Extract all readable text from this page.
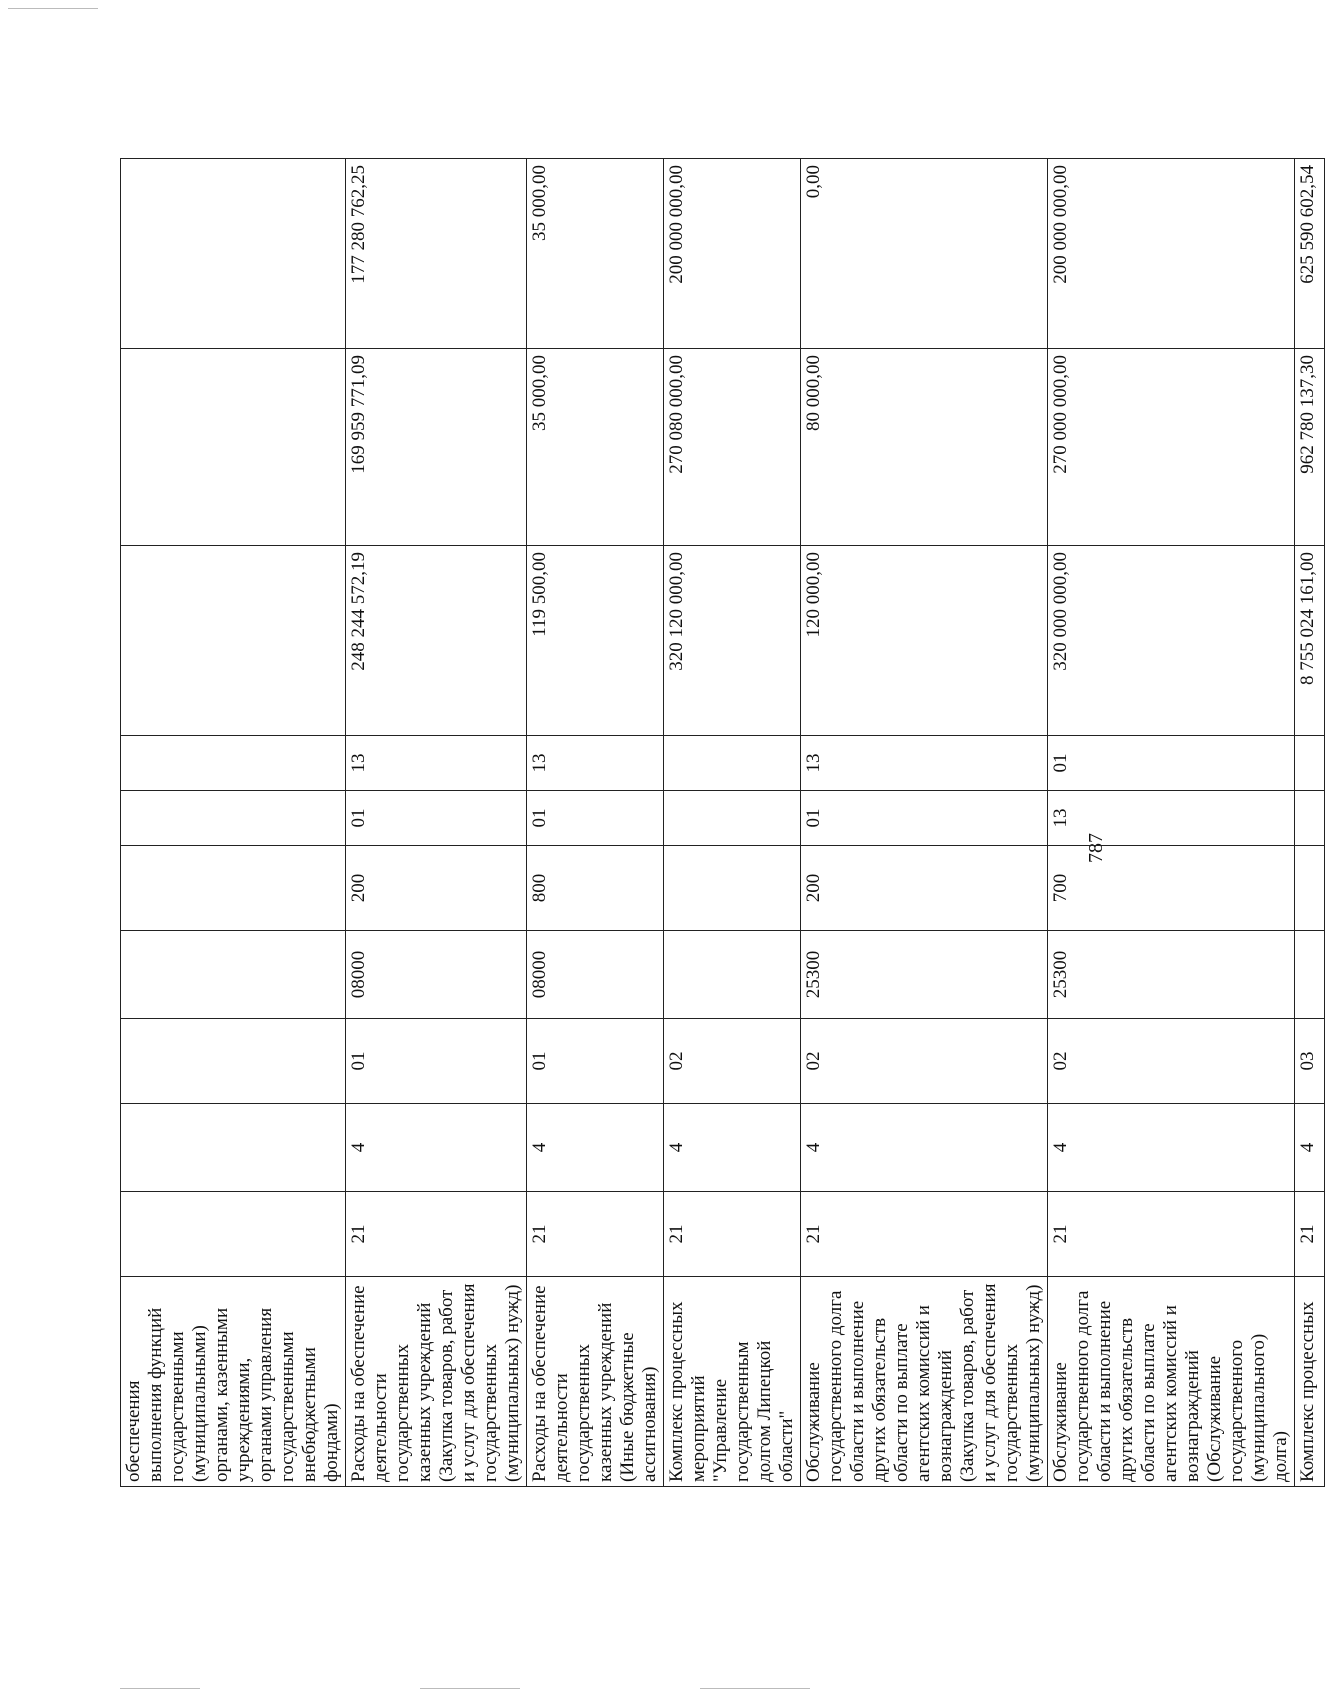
787
обеспечения выполнения функций государственными (муниципальными) органами, казенными учреждениями, органами управления государственными внебюджетными фондами)										
Расходы на обеспечение деятельности государственных казенных учреждений (Закупка товаров, работ и услуг для обеспечения государственных (муниципальных) нужд)	21	4	01	08000	200	01	13	248 244 572,19	169 959 771,09	177 280 762,25
Расходы на обеспечение деятельности государственных казенных учреждений (Иные бюджетные ассигнования)	21	4	01	08000	800	01	13	119 500,00	35 000,00	35 000,00
Комплекс процессных мероприятий "Управление государственным долгом Липецкой области"	21	4	02					320 120 000,00	270 080 000,00	200 000 000,00
Обслуживание государственного долга области и выполнение других обязательств области по выплате агентских комиссий и вознаграждений (Закупка товаров, работ и услуг для обеспечения государственных (муниципальных) нужд)	21	4	02	25300	200	01	13	120 000,00	80 000,00	0,00
Обслуживание государственного долга области и выполнение других обязательств области по выплате агентских комиссий и вознаграждений (Обслуживание государственного (муниципального) долга)	21	4	02	25300	700	13	01	320 000 000,00	270 000 000,00	200 000 000,00
Комплекс процессных	21	4	03					8 755 024 161,00	962 780 137,30	625 590 602,54
